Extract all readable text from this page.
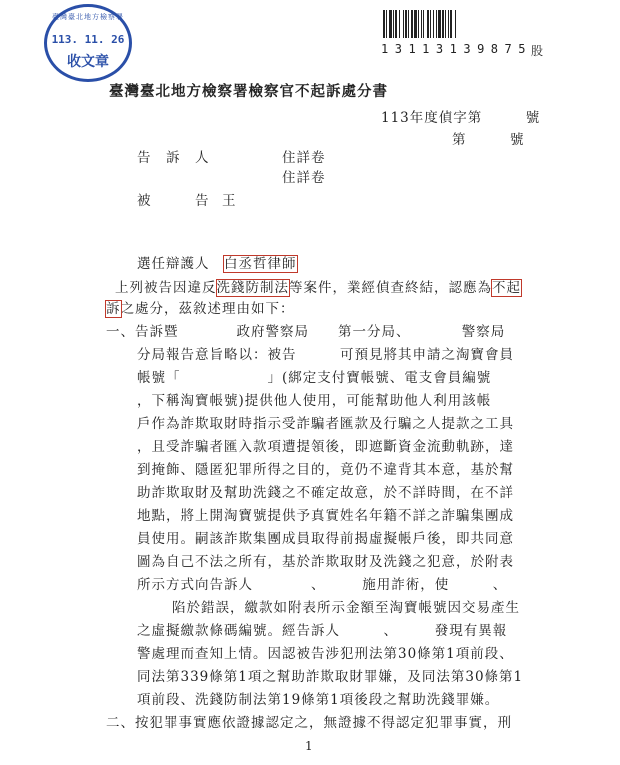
臺灣臺北地方檢察署
113. 11. 26
收文章
13113139875 股
臺灣臺北地方檢察署檢察官不起訴處分書
113年度偵字第　　　號
第　　　號
告　訴　人	住詳卷
住詳卷
被　　　告 王
選任辯護人 白丞哲律師
上列被告因違反洗錢防制法等案件，業經偵查終結，認應為不起
訴之處分，茲敘述理由如下：
一、告訴暨　　　　政府警察局　　第一分局、　　　　警察局
分局報告意旨略以：被告　　　可預見將其申請之淘寶會員
帳號「　　　　　　」(綁定支付寶帳號、電支會員編號
，下稱淘寶帳號)提供他人使用，可能幫助他人利用該帳
戶作為詐欺取財時指示受詐騙者匯款及行騙之人提款之工具
，且受詐騙者匯入款項遭提領後，即遮斷資金流動軌跡，達
到掩飾、隱匿犯罪所得之目的，竟仍不違背其本意，基於幫
助詐欺取財及幫助洗錢之不確定故意，於不詳時間，在不詳
地點，將上開淘寶號提供予真實姓名年籍不詳之詐騙集團成
員使用。嗣該詐欺集團成員取得前揭虛擬帳戶後，即共同意
圖為自己不法之所有，基於詐欺取財及洗錢之犯意，於附表
所示方式向告訴人　　　　、　　　施用詐術，使　　　、
陷於錯誤，繳款如附表所示金額至淘寶帳號因交易產生
之虛擬繳款條碼編號。經告訴人　　　、　　　發現有異報
警處理而查知上情。因認被告涉犯刑法第30條第1項前段、
同法第339條第1項之幫助詐欺取財罪嫌，及同法第30條第1
項前段、洗錢防制法第19條第1項後段之幫助洗錢罪嫌。
二、按犯罪事實應依證據認定之，無證據不得認定犯罪事實，刑
1
